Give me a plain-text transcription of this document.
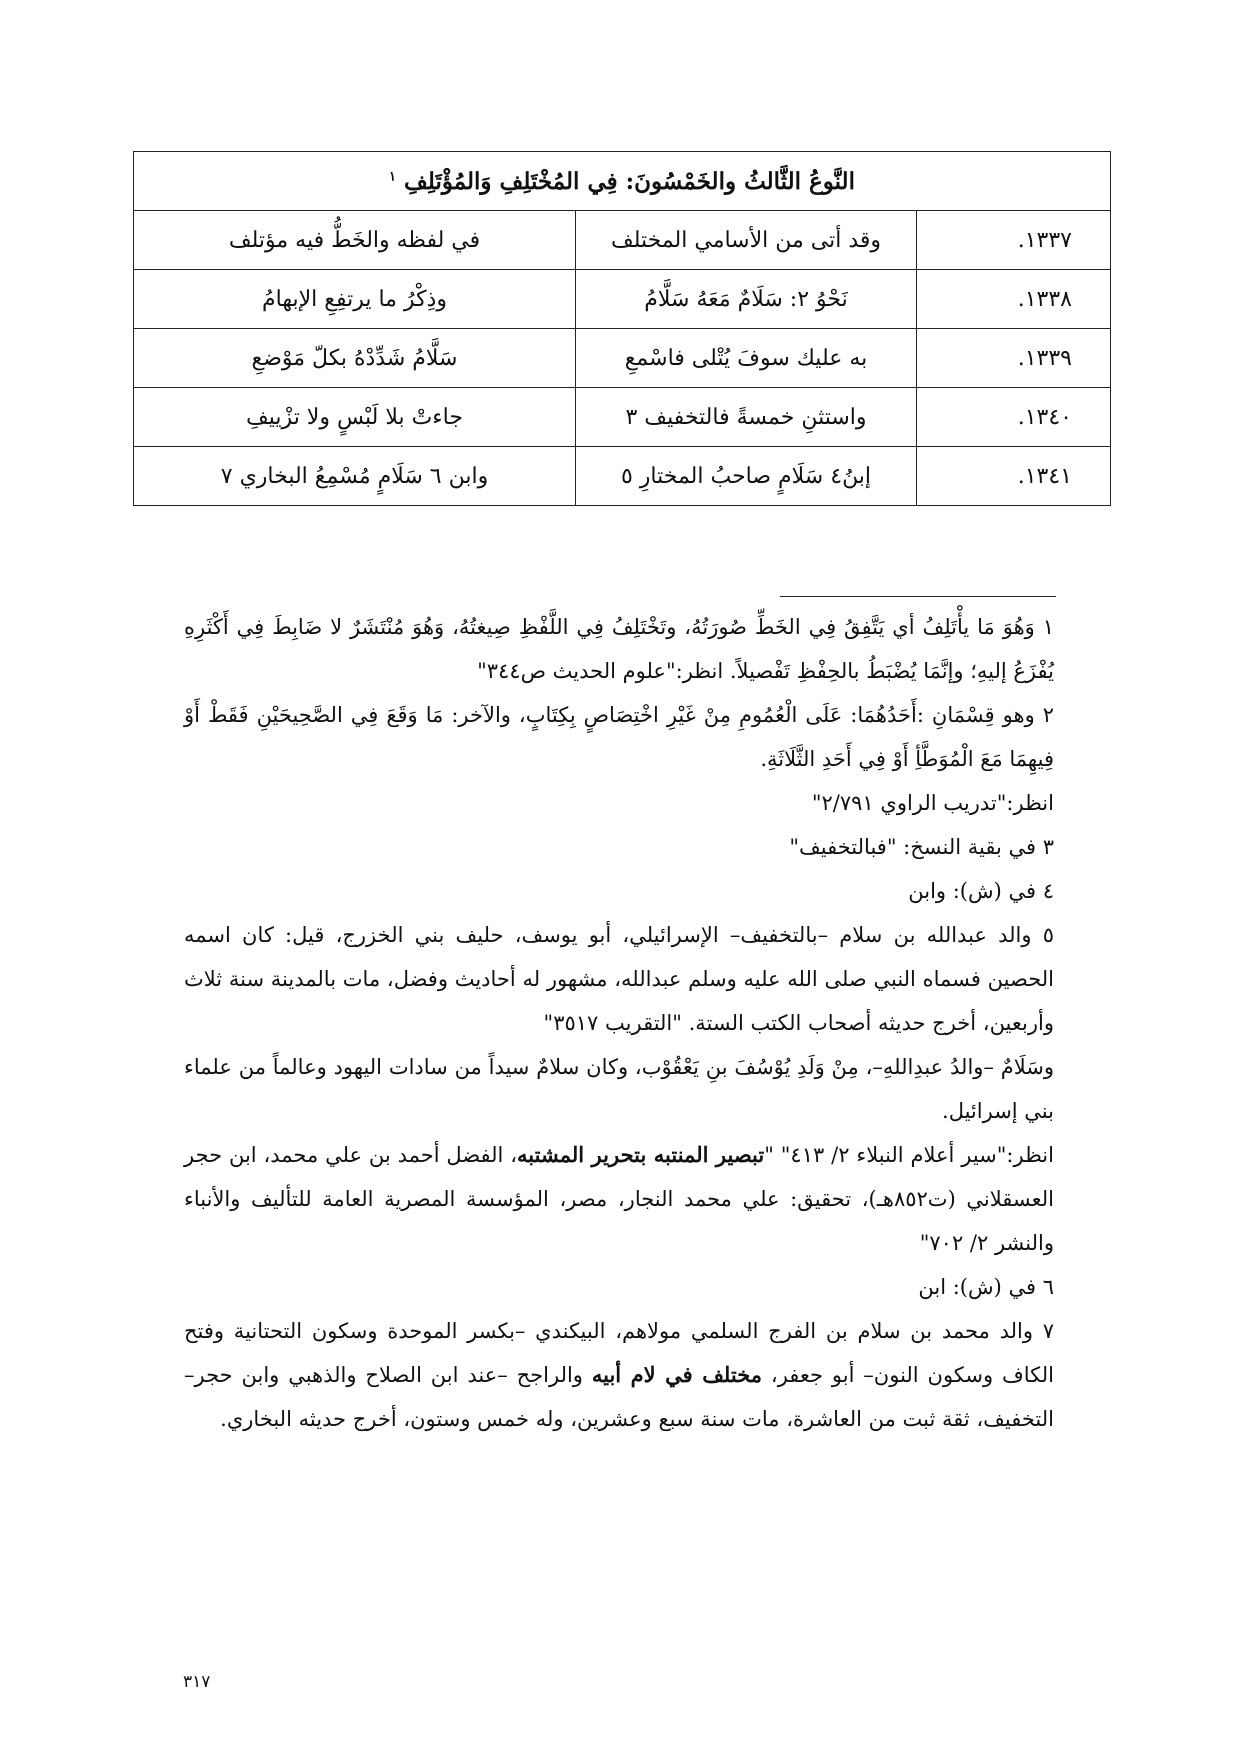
النَّوعُ الثَّالثُ والخَمْسُونَ: فِي المُخْتَلِفِ وَالمُؤْتَلِفِ $^١$
١٣٣٧.	وقد أتى من الأسامي المختلف	في لفظه والخَطُّ فيه مؤتلف
١٣٣٨.	نَحْوُ ٢: سَلَامٌ مَعَهُ سَلَّامُ	وذِكْرُ ما يرتفِعِ الإبهامُ
١٣٣٩.	به عليك سوفَ يُتْلى فاسْمعِ	سَلَّامُ شَدِّدْهُ بكلّ مَوْضعِ
١٣٤٠.	واستثنِ خمسةً فالتخفيف ٣	جاءتْ بلا لَبْسٍ ولا تزْييفِ
١٣٤١.	إبنُ٤ سَلَامٍ صاحبُ المختارِ ٥	وابن ٦ سَلَامٍ مُسْمِعُ البخاري ٧

١ وَهُوَ مَا يأْتَلِفُ أي يَتَّفِقُ فِي الخَطِّ صُورَتُهُ، وتَخْتَلِفُ فِي اللَّفْظِ صِيغتُهُ، وَهُوَ مُنْتَشَرٌ لا ضَابِطَ فِي أَكْثَرِهِ يُفْزَعُ إليهِ؛ وإنَّمَا يُضْبَطُ بالحِفْظِ تَفْصيلاً. انظر:"علوم الحديث ص٣٤٤"

٢ وهو قِسْمَانِ :أَحَدُهُمَا: عَلَى الْعُمُومِ مِنْ غَيْرِ اخْتِصَاصٍ بِكِتَابٍ، والآخر: مَا وَقَعَ فِي الصَّحِيحَيْنِ فَقَطْ أَوْ فِيهِمَا مَعَ الْمُوَطَّأِ أَوْ فِي أَحَدِ الثَّلَاثَةِ.

انظر:"تدريب الراوي ٢/٧٩١"

٣ في بقية النسخ: "فبالتخفيف"

٤ في (ش): وابن

٥ والد عبدالله بن سلام –بالتخفيف– الإسرائيلي، أبو يوسف، حليف بني الخزرج، قيل: كان اسمه الحصين فسماه النبي صلى الله عليه وسلم عبدالله، مشهور له أحاديث وفضل، مات بالمدينة سنة ثلاث وأربعين، أخرج حديثه أصحاب الكتب الستة. "التقريب ٣٥١٧"

وسَلَامٌ –والدُ عبدِاللهِ–، مِنْ وَلَدِ يُوْسُفَ بنِ يَعْقُوْب، وكان سلامٌ سيداً من سادات اليهود وعالماً من علماء بني إسرائيل.

انظر:"سير أعلام النبلاء ٢/ ٤١٣" "تبصير المنتبه بتحرير المشتبه، الفضل أحمد بن علي محمد، ابن حجر العسقلاني (ت٨٥٢هـ)، تحقيق: علي محمد النجار، مصر، المؤسسة المصرية العامة للتأليف والأنباء والنشر ٢/ ٧٠٢"

٦ في (ش): ابن

٧ والد محمد بن سلام بن الفرج السلمي مولاهم، البيكندي –بكسر الموحدة وسكون التحتانية وفتح الكاف وسكون النون– أبو جعفر، مختلف في لام أبيه والراجح –عند ابن الصلاح والذهبي وابن حجر– التخفيف، ثقة ثبت من العاشرة، مات سنة سبع وعشرين، وله خمس وستون، أخرج حديثه البخاري.

٣١٧
